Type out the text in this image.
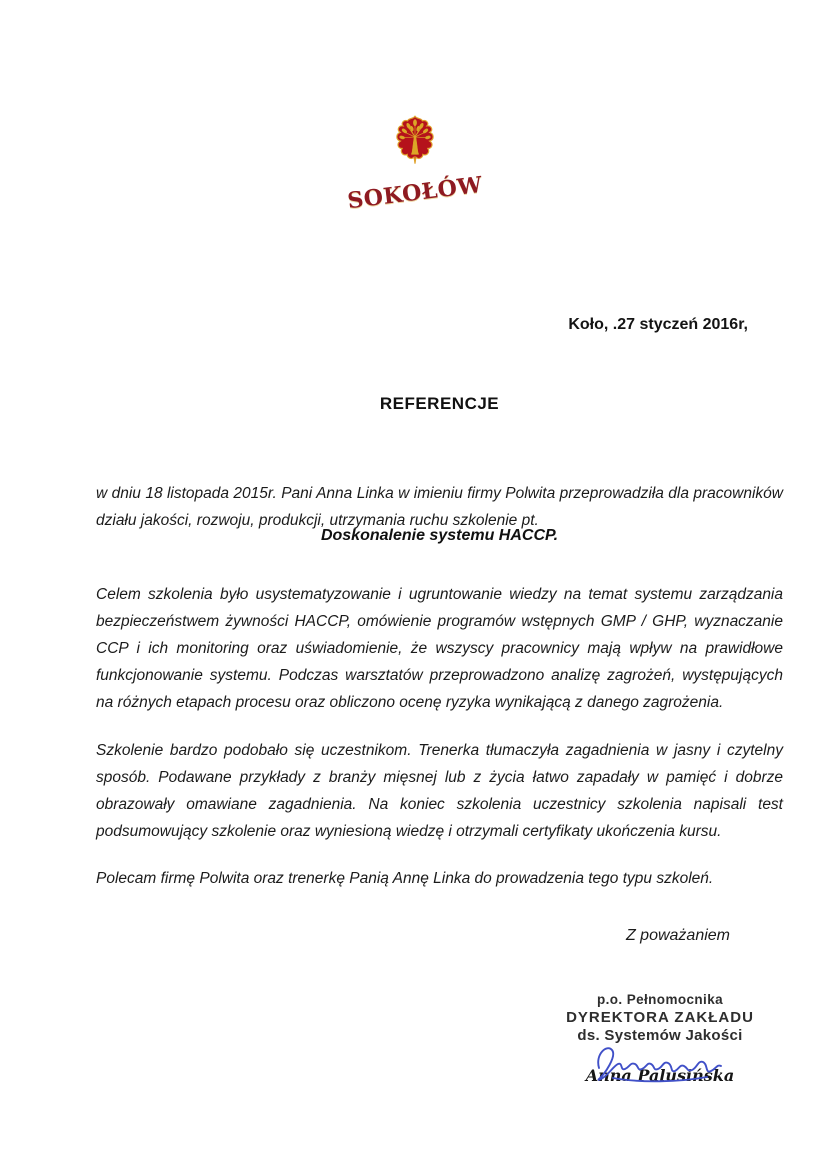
SOKOŁÓW
Koło, .27 styczeń 2016r,
REFERENCJE

w dniu 18 listopada 2015r. Pani Anna Linka w imieniu firmy Polwita przeprowadziła dla pracowników działu jakości, rozwoju, produkcji, utrzymania ruchu szkolenie pt.

Doskonalenie systemu HACCP.

Celem szkolenia było usystematyzowanie i ugruntowanie wiedzy na temat systemu zarządzania bezpieczeństwem żywności HACCP, omówienie programów wstępnych GMP / GHP, wyznaczanie CCP i ich monitoring oraz uświadomienie, że wszyscy pracownicy mają wpływ na prawidłowe funkcjonowanie systemu. Podczas warsztatów przeprowadzono analizę zagrożeń, występujących na różnych etapach procesu oraz obliczono ocenę ryzyka wynikającą z danego zagrożenia.

Szkolenie bardzo podobało się uczestnikom. Trenerka tłumaczyła zagadnienia w jasny i czytelny sposób. Podawane przykłady z branży mięsnej lub z życia łatwo zapadały w pamięć i dobrze obrazowały omawiane zagadnienia. Na koniec szkolenia uczestnicy szkolenia napisali test podsumowujący szkolenie oraz wyniesioną wiedzę i otrzymali certyfikaty ukończenia kursu.

Polecam firmę Polwita oraz trenerkę Panią Annę Linka do prowadzenia tego typu szkoleń.

Z poważaniem
p.o. Pełnomocnika
DYREKTORA ZAKŁADU
ds. Systemów Jakości
Anna Palusińska
